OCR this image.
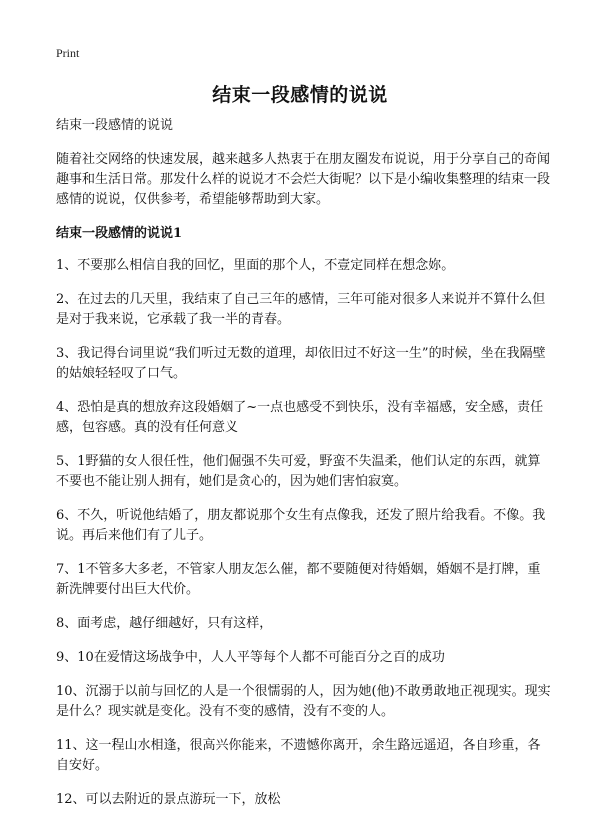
Print
结束一段感情的说说

结束一段感情的说说

随着社交网络的快速发展，越来越多人热衷于在朋友圈发布说说，用于分享自己的奇闻趣事和生活日常。那发什么样的说说才不会烂大街呢？以下是小编收集整理的结束一段感情的说说，仅供参考，希望能够帮助到大家。

结束一段感情的说说1

1、不要那么相信自我的回忆，里面的那个人，不壹定同样在想念妳。

2、在过去的几天里，我结束了自己三年的感情，三年可能对很多人来说并不算什么但是对于我来说，它承载了我一半的青春。

3、我记得台词里说“我们听过无数的道理，却依旧过不好这一生”的时候，坐在我隔壁的姑娘轻轻叹了口气。

4、恐怕是真的想放弃这段婚姻了~一点也感受不到快乐，没有幸福感，安全感，责任感，包容感。真的没有任何意义

5、1野猫的女人很任性，他们倔强不失可爱，野蛮不失温柔，他们认定的东西，就算不要也不能让别人拥有，她们是贪心的，因为她们害怕寂寞。

6、不久，听说他结婚了，朋友都说那个女生有点像我，还发了照片给我看。不像。我说。再后来他们有了儿子。

7、1不管多大多老，不管家人朋友怎么催，都不要随便对待婚姻，婚姻不是打牌，重新洗牌要付出巨大代价。

8、面考虑，越仔细越好，只有这样，

9、10在爱情这场战争中，人人平等每个人都不可能百分之百的成功

10、沉溺于以前与回忆的人是一个很懦弱的人，因为她(他)不敢勇敢地正视现实。现实是什么？现实就是变化。没有不变的感情，没有不变的人。

11、这一程山水相逢，很高兴你能来，不遗憾你离开，余生路远遥迢，各自珍重，各自安好。

12、可以去附近的景点游玩一下，放松
